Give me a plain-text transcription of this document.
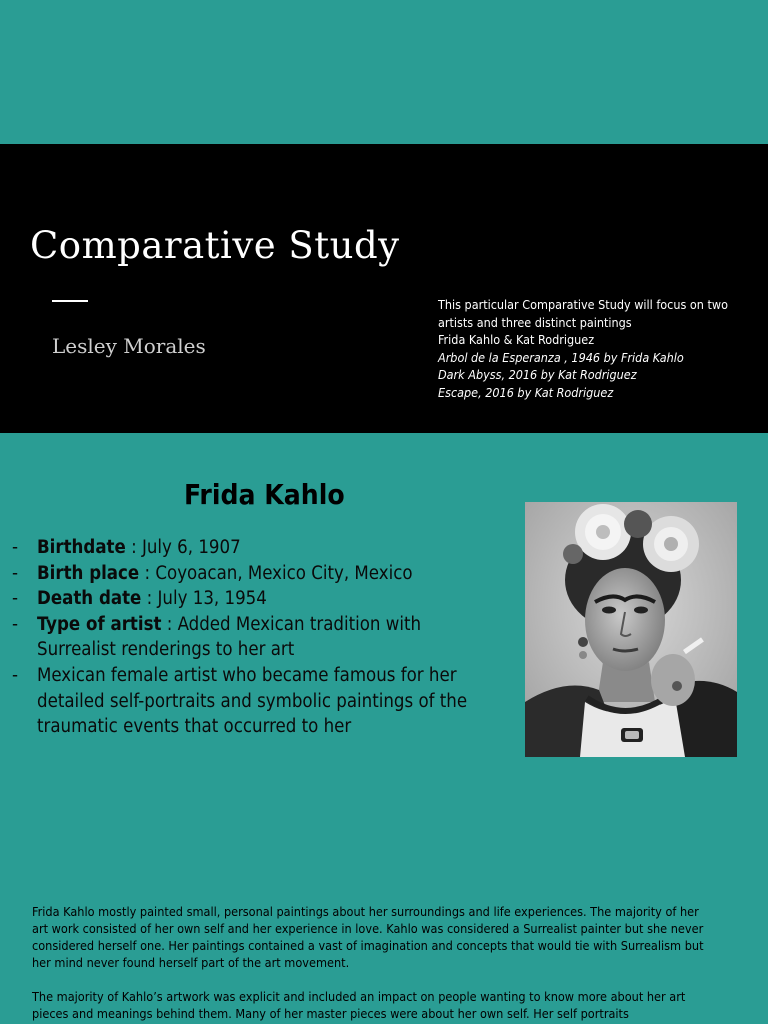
Comparative Study
Lesley Morales
This particular Comparative Study will focus on two
artists and three distinct paintings
Frida Kahlo & Kat Rodriguez
Arbol de la Esperanza , 1946 by Frida Kahlo
Dark Abyss, 2016 by Kat Rodriguez
Escape, 2016 by Kat Rodriguez
Frida Kahlo
- Birthdate : July 6, 1907
- Birth place : Coyoacan, Mexico City, Mexico
- Death date : July 13, 1954
- Type of artist : Added Mexican tradition with Surrealist renderings to her art
- Mexican female artist who became famous for her detailed self-portraits and symbolic paintings of the traumatic events that occurred to her

Frida Kahlo mostly painted small, personal paintings about her surroundings and life experiences. The majority of her art work consisted of her own self and her experience in love. Kahlo was considered a Surrealist painter but she never considered herself one. Her paintings contained a vast of imagination and concepts that would tie with Surrealism but her mind never found herself part of the art movement.

The majority of Kahlo’s artwork was explicit and included an impact on people wanting to know more about her art pieces and meanings behind them. Many of her master pieces were about her own self. Her self portraits
